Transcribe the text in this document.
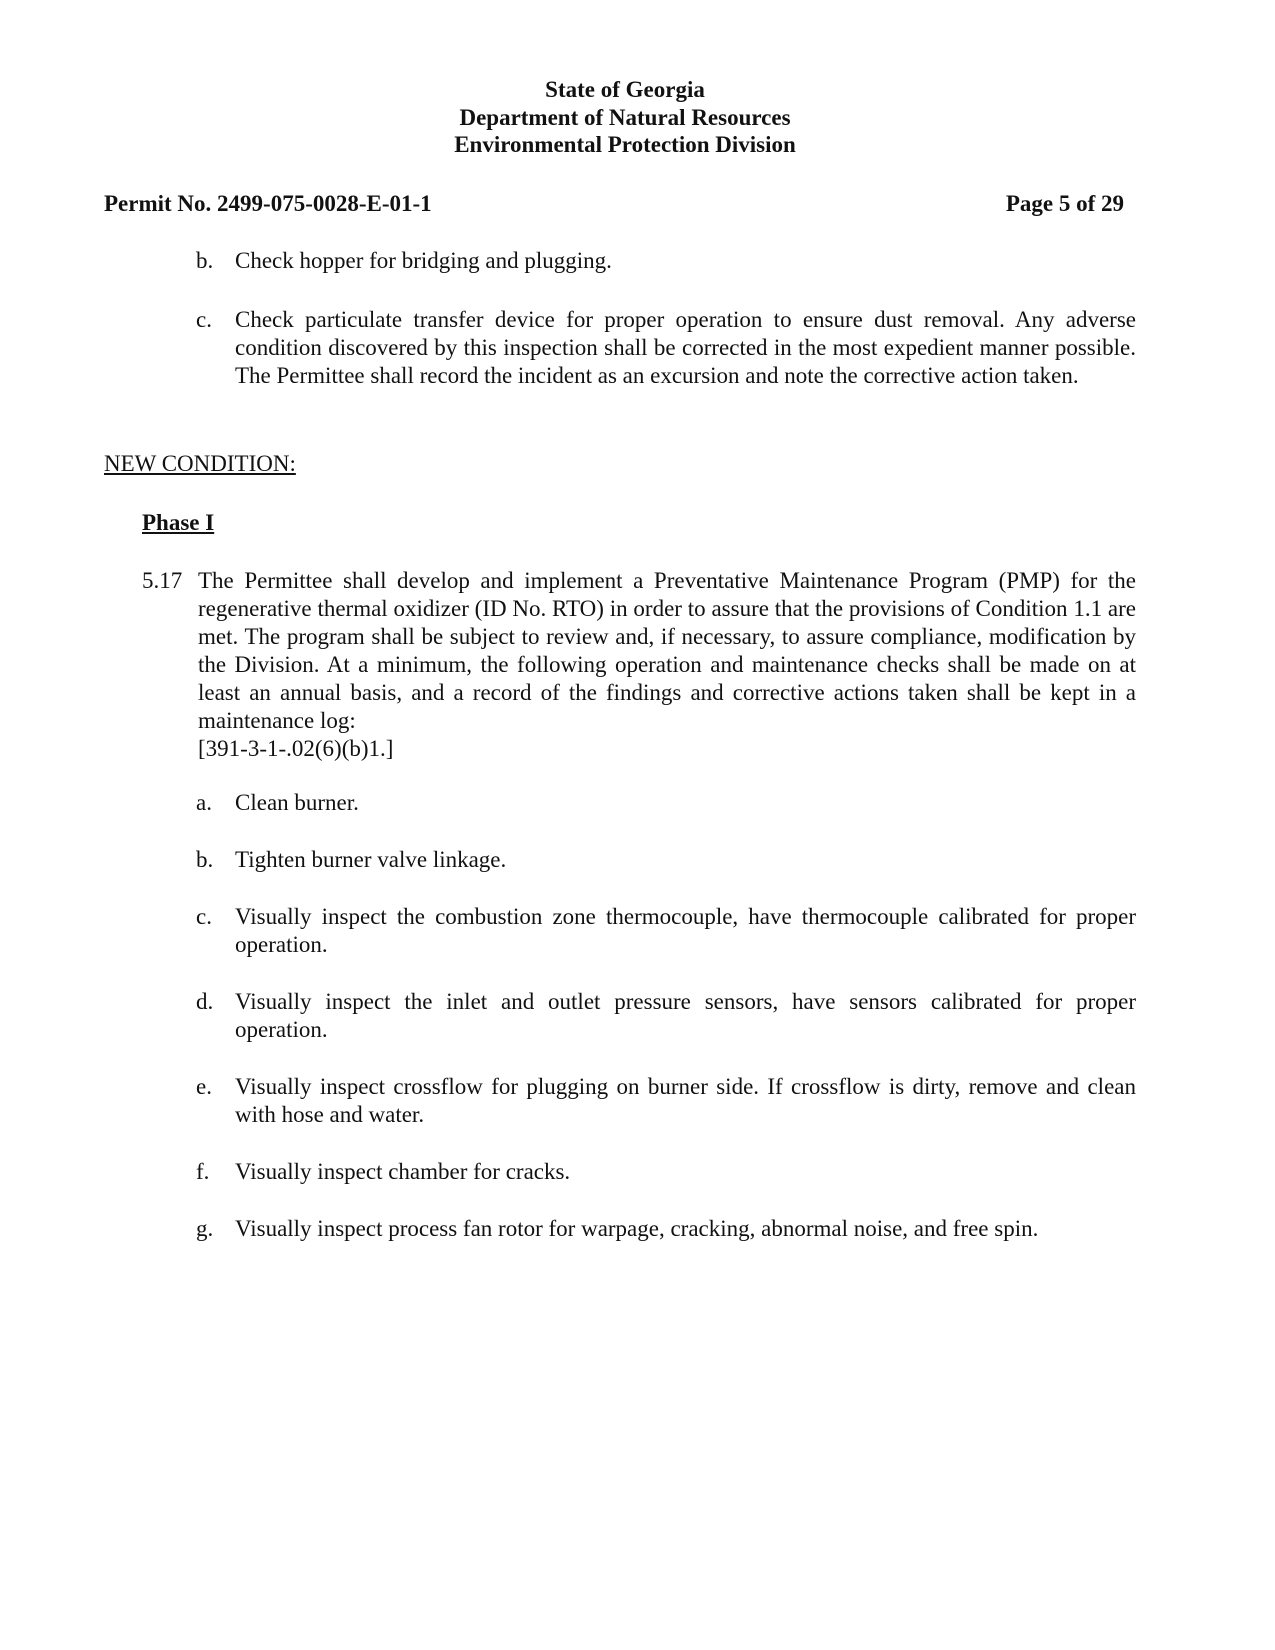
State of Georgia
Department of Natural Resources
Environmental Protection Division
Permit No. 2499-075-0028-E-01-1	Page 5 of 29
b. Check hopper for bridging and plugging.
c.	Check particulate transfer device for proper operation to ensure dust removal. Any adverse condition discovered by this inspection shall be corrected in the most expedient manner possible. The Permittee shall record the incident as an excursion and note the corrective action taken.
NEW CONDITION:
Phase I
5.17 The Permittee shall develop and implement a Preventative Maintenance Program (PMP) for the regenerative thermal oxidizer (ID No. RTO) in order to assure that the provisions of Condition 1.1 are met. The program shall be subject to review and, if necessary, to assure compliance, modification by the Division. At a minimum, the following operation and maintenance checks shall be made on at least an annual basis, and a record of the findings and corrective actions taken shall be kept in a maintenance log:
[391-3-1-.02(6)(b)1.]
a.	Clean burner.
b. Tighten burner valve linkage.
c.	Visually inspect the combustion zone thermocouple, have thermocouple calibrated for proper operation.
d. Visually inspect the inlet and outlet pressure sensors, have sensors calibrated for proper operation.
e.	Visually inspect crossflow for plugging on burner side. If crossflow is dirty, remove and clean with hose and water.
f.	Visually inspect chamber for cracks.
g. Visually inspect process fan rotor for warpage, cracking, abnormal noise, and free spin.
